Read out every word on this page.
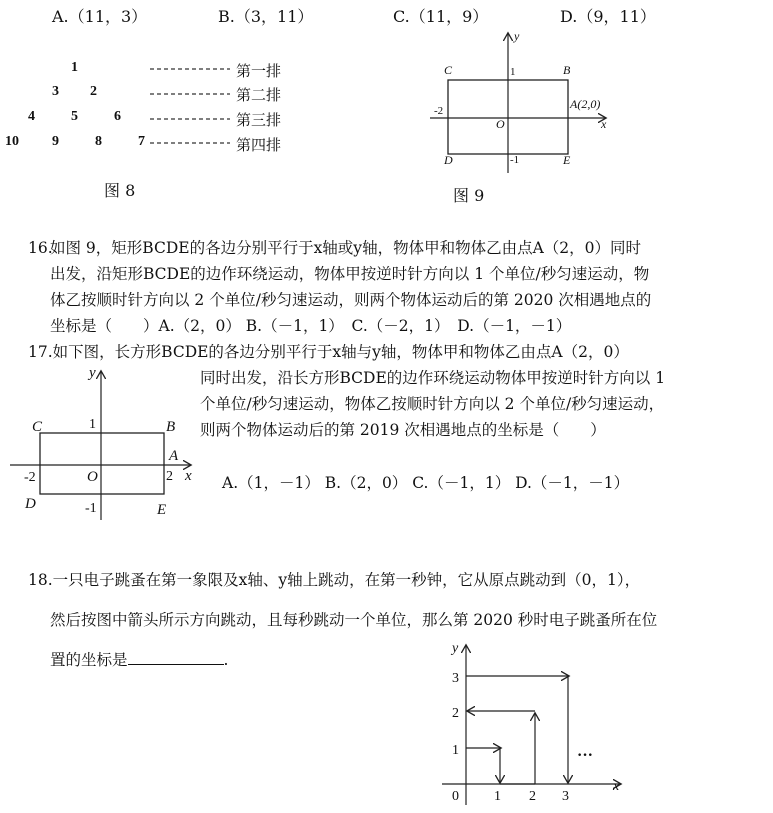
A.（11，3）	B.（3，11）	C.（11，9）	D.（9，11）
1
3 2
4	5	6
10 9	8	7
第一排
第二排
第三排
第四排
图 8
C	B
D	E
O
y
x
A(2,0)
1
-1
-2
图 9
16.
如图 9，矩形BCDE的各边分别平行于x轴或y轴，物体甲和物体乙由点A（2，0）同时
出发，沿矩形BCDE的边作环绕运动，物体甲按逆时针方向以 1 个单位/秒匀速运动，物
体乙按顺时针方向以 2 个单位/秒匀速运动，则两个物体运动后的第 2020 次相遇地点的
坐标是（　　）A.（2，0） B.（－1，1）　C.（－2，1）　D.（－1，－1）
17.如下图，长方形BCDE的各边分别平行于x轴与y轴，物体甲和物体乙由点A（2，0）
同时出发，沿长方形BCDE的边作环绕运动物体甲按逆时针方向以 1
个单位/秒匀速运动，物体乙按顺时针方向以 2 个单位/秒匀速运动，
则两个物体运动后的第 2019 次相遇地点的坐标是（　　）
A.（1，－1） B.（2，0） C.（－1，1） D.（－1，－1）
y
x
C	B
D	E
A
O
1
-1
2
-2
18.一只电子跳蚤在第一象限及x轴、y轴上跳动，在第一秒钟，它从原点跳动到（0，1），
然后按图中箭头所示方向跳动，且每秒跳动一个单位，那么第 2020 秒时电子跳蚤所在位
置的坐标是	.
y
x
0	1 2 3
1
2
3
···
